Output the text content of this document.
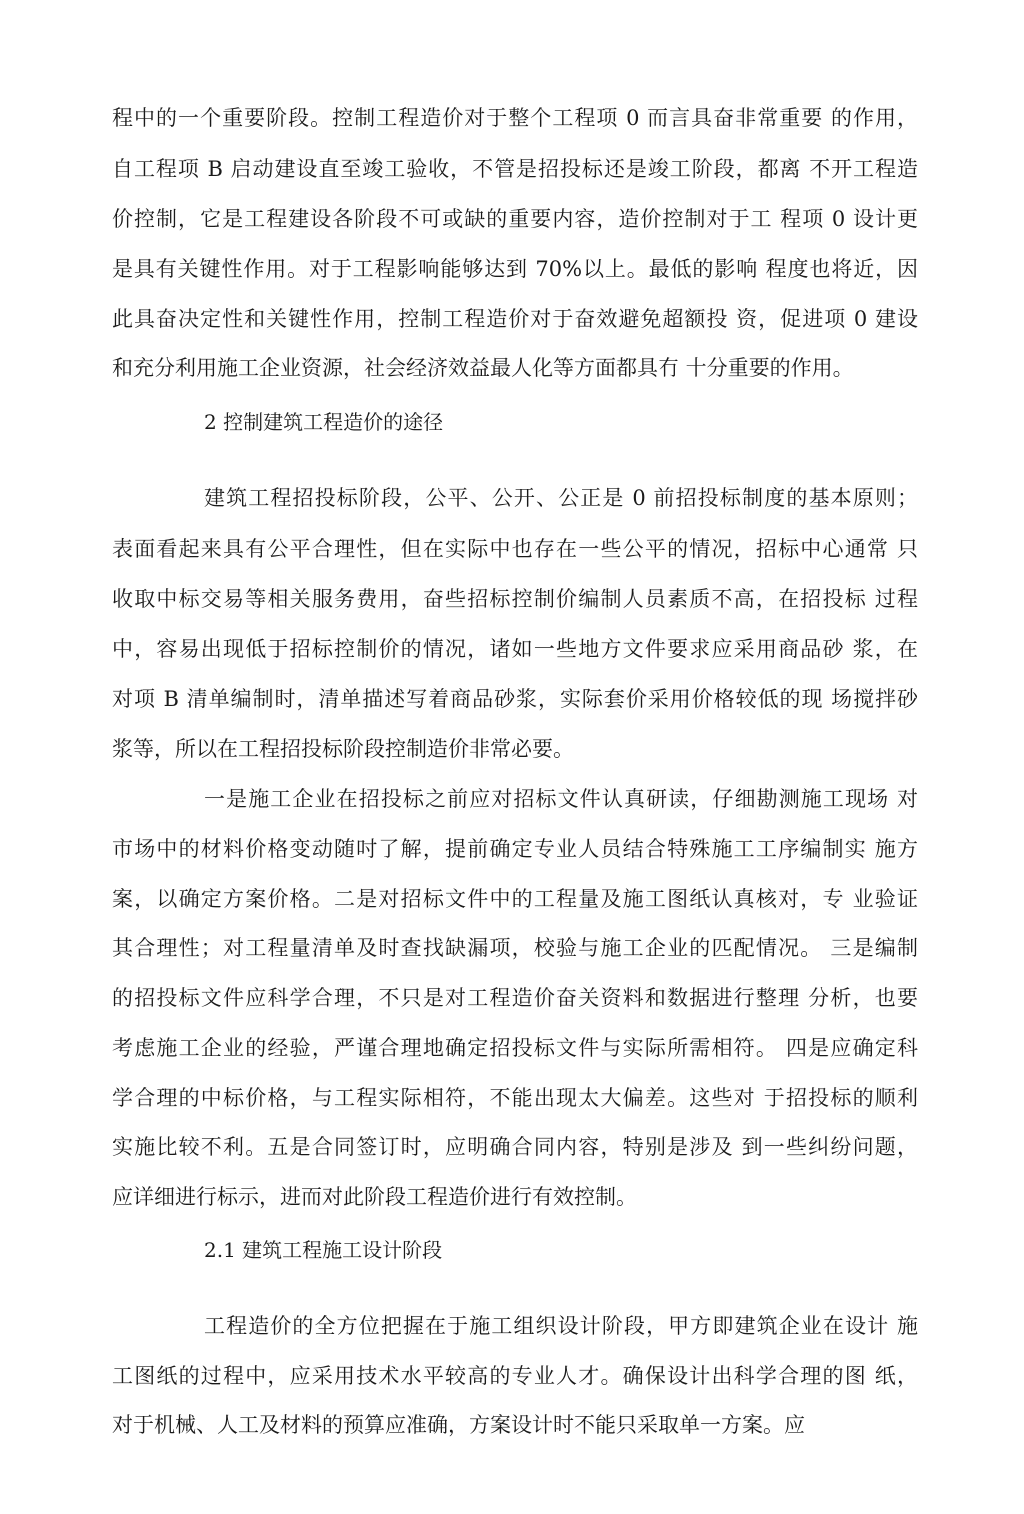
程中的一个重要阶段。控制工程造价对于整个工程项 0 而言具奋非常重要 的作用，
自工程项 B 启动建设直至竣工验收，不管是招投标还是竣工阶段，都离 不开工程造
价控制，它是工程建设各阶段不可或缺的重要内容，造价控制对于工 程项 0 设计更
是具有关键性作用。对于工程影响能够达到 70%以上。最低的影响 程度也将近，因
此具奋决定性和关键性作用，控制工程造价对于奋效避免超额投 资，促进项 0 建设
和充分利用施工企业资源，社会经济效益最人化等方面都具冇 十分重要的作用。
2 控制建筑工程造价的途径
建筑工程招投标阶段，公平、公开、公正是 0 前招投标制度的基本原则；
表面看起来具有公平合理性，但在实际中也存在一些公平的情况，招标中心通常 只
收取中标交易等相关服务费用，奋些招标控制价编制人员素质不高，在招投标 过程
中，容易出现低于招标控制价的情况，诸如一些地方文件要求应采用商品砂 浆，在
对项 B 清单编制时，清单描述写着商品砂浆，实际套价采用价格较低的现 场搅拌砂
浆等，所以在工程招投标阶段控制造价非常必要。
一是施工企业在招投标之前应对招标文件认真研读，仔细勘测施工现场 对
市场中的材料价格变动随吋了解，提前确定专业人员结合特殊施工工序编制实 施方
案，以确定方案价格。二是对招标文件中的工程量及施工图纸认真核对，专 业验证
其合理性；对工程量清单及时查找缺漏项，校验与施工企业的匹配情况。 三是编制
的招投标文件应科学合理，不只是对工程造价奋关资料和数据进行整理 分析，也要
考虑施工企业的经验，严谨合理地确定招投标文件与实际所需相符。 四是应确定科
学合理的中标价格，与工程实际相符，不能出现太大偏差。这些对 于招投标的顺利
实施比较不利。五是合同签订时，应明确合同内容，特别是涉及 到一些纠纷问题，
应详细进行标示，进而对此阶段工程造价进行有效控制。
2.1 建筑工程施工设计阶段
工程造价的全方位把握在于施工组织设计阶段，甲方即建筑企业在设计 施
工图纸的过程中，应采用技术水平较高的专业人才。确保设计出科学合理的图 纸，
对于机械、人工及材料的预算应准确，方案设计时不能只采取单一方案。应
